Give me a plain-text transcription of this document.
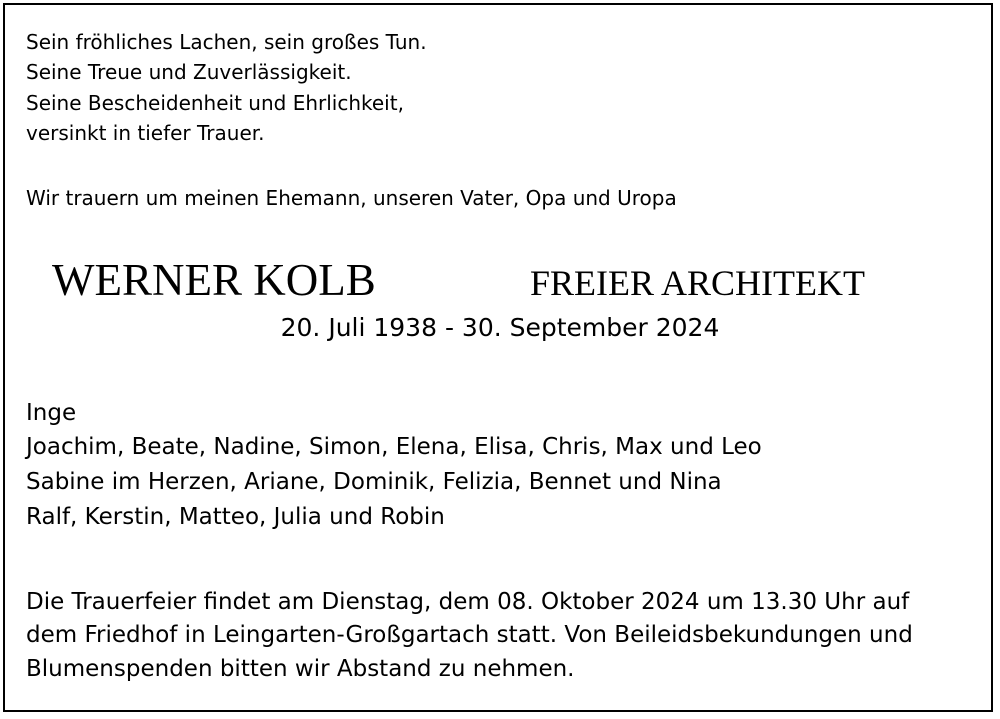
Sein fröhliches Lachen, sein großes Tun.
Seine Treue und Zuverlässigkeit.
Seine Bescheidenheit und Ehrlichkeit,
versinkt in tiefer Trauer.
Wir trauern um meinen Ehemann, unseren Vater, Opa und Uropa
WERNER KOLB	FREIER ARCHITEKT
20. Juli 1938 - 30. September 2024
Inge
Joachim, Beate, Nadine, Simon, Elena, Elisa, Chris, Max und Leo
Sabine im Herzen, Ariane, Dominik, Felizia, Bennet und Nina
Ralf, Kerstin, Matteo, Julia und Robin
Die Trauerfeier findet am Dienstag, dem 08. Oktober 2024 um 13.30 Uhr auf
dem Friedhof in Leingarten-Großgartach statt. Von Beileidsbekundungen und
Blumenspenden bitten wir Abstand zu nehmen.
